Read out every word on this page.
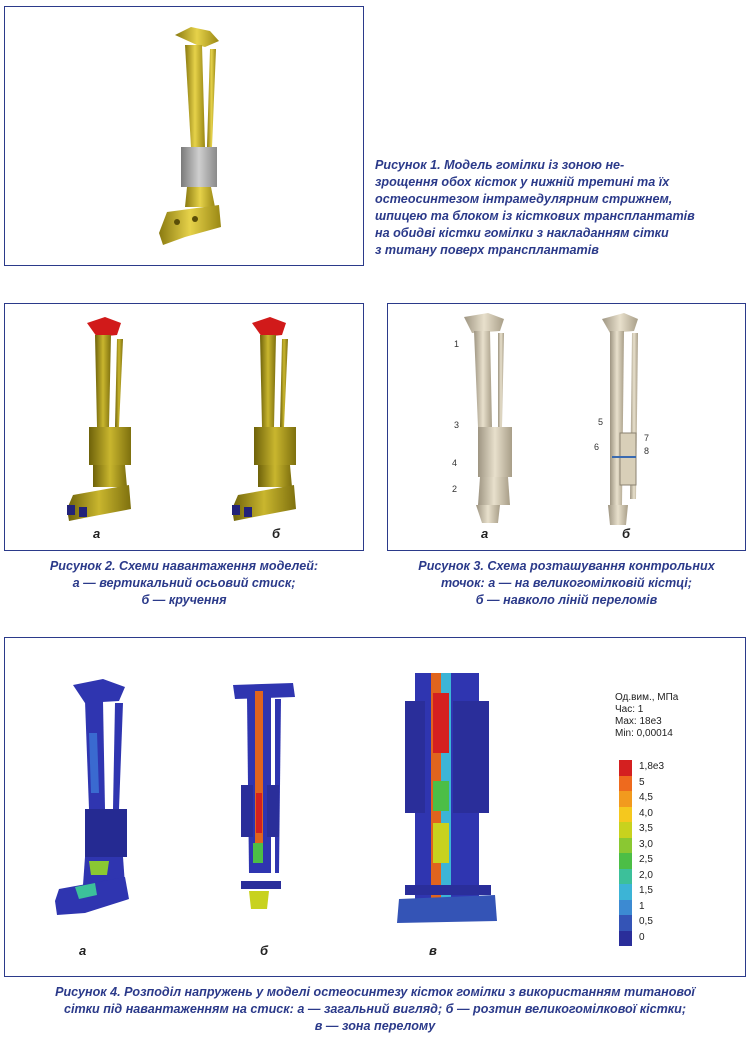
Рисунок 1. Модель гомілки із зоною не-
зрощення обох кісток у нижній третині та їх
остеосинтезом інтрамедулярним стрижнем,
шпицею та блоком із кісткових трансплантатів
на обидві кістки гомілки з накладанням сітки
з титану поверх трансплантатів
а	б
Рисунок 2. Схеми навантаження моделей:
а — вертикальний осьовий стиск;
б — кручення
1
3
4
2
5
6
7
8
а	б
Рисунок 3. Схема розташування контрольних
точок: а — на великогомілковій кістці;
б — навколо ліній переломів
Од.вим., МПа
Час: 1
Max: 18e3
Min: 0,00014
1,8e3
5
4,5
4,0
3,5
3,0
2,5
2,0
1,5
1
0,5
0
а	б	в
Рисунок 4. Розподіл напружень у моделі остеосинтезу кісток гомілки з використанням титанової
сітки під навантаженням на стиск: а — загальний вигляд; б — розтин великогомілкової кістки;
в — зона перелому
